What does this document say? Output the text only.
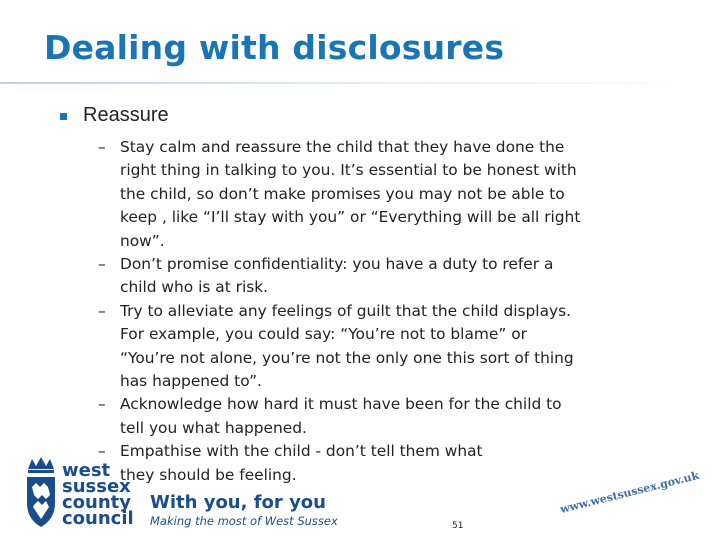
Dealing with disclosures
Reassure
– Stay calm and reassure the child that they have done the
right thing in talking to you. It’s essential to be honest with
the child, so don’t make promises you may not be able to
keep , like “I’ll stay with you” or “Everything will be all right
now”.
– Don’t promise confidentiality: you have a duty to refer a
child who is at risk.
– Try to alleviate any feelings of guilt that the child displays.
For example, you could say: “You’re not to blame” or
“You’re not alone, you’re not the only one this sort of thing
has happened to”.
– Acknowledge how hard it must have been for the child to
tell you what happened.
– Empathise with the child - don’t tell them what
they should be feeling.
west
sussex
county
council
With you, for you
Making the most of West Sussex
www.westsussex.gov.uk
51
